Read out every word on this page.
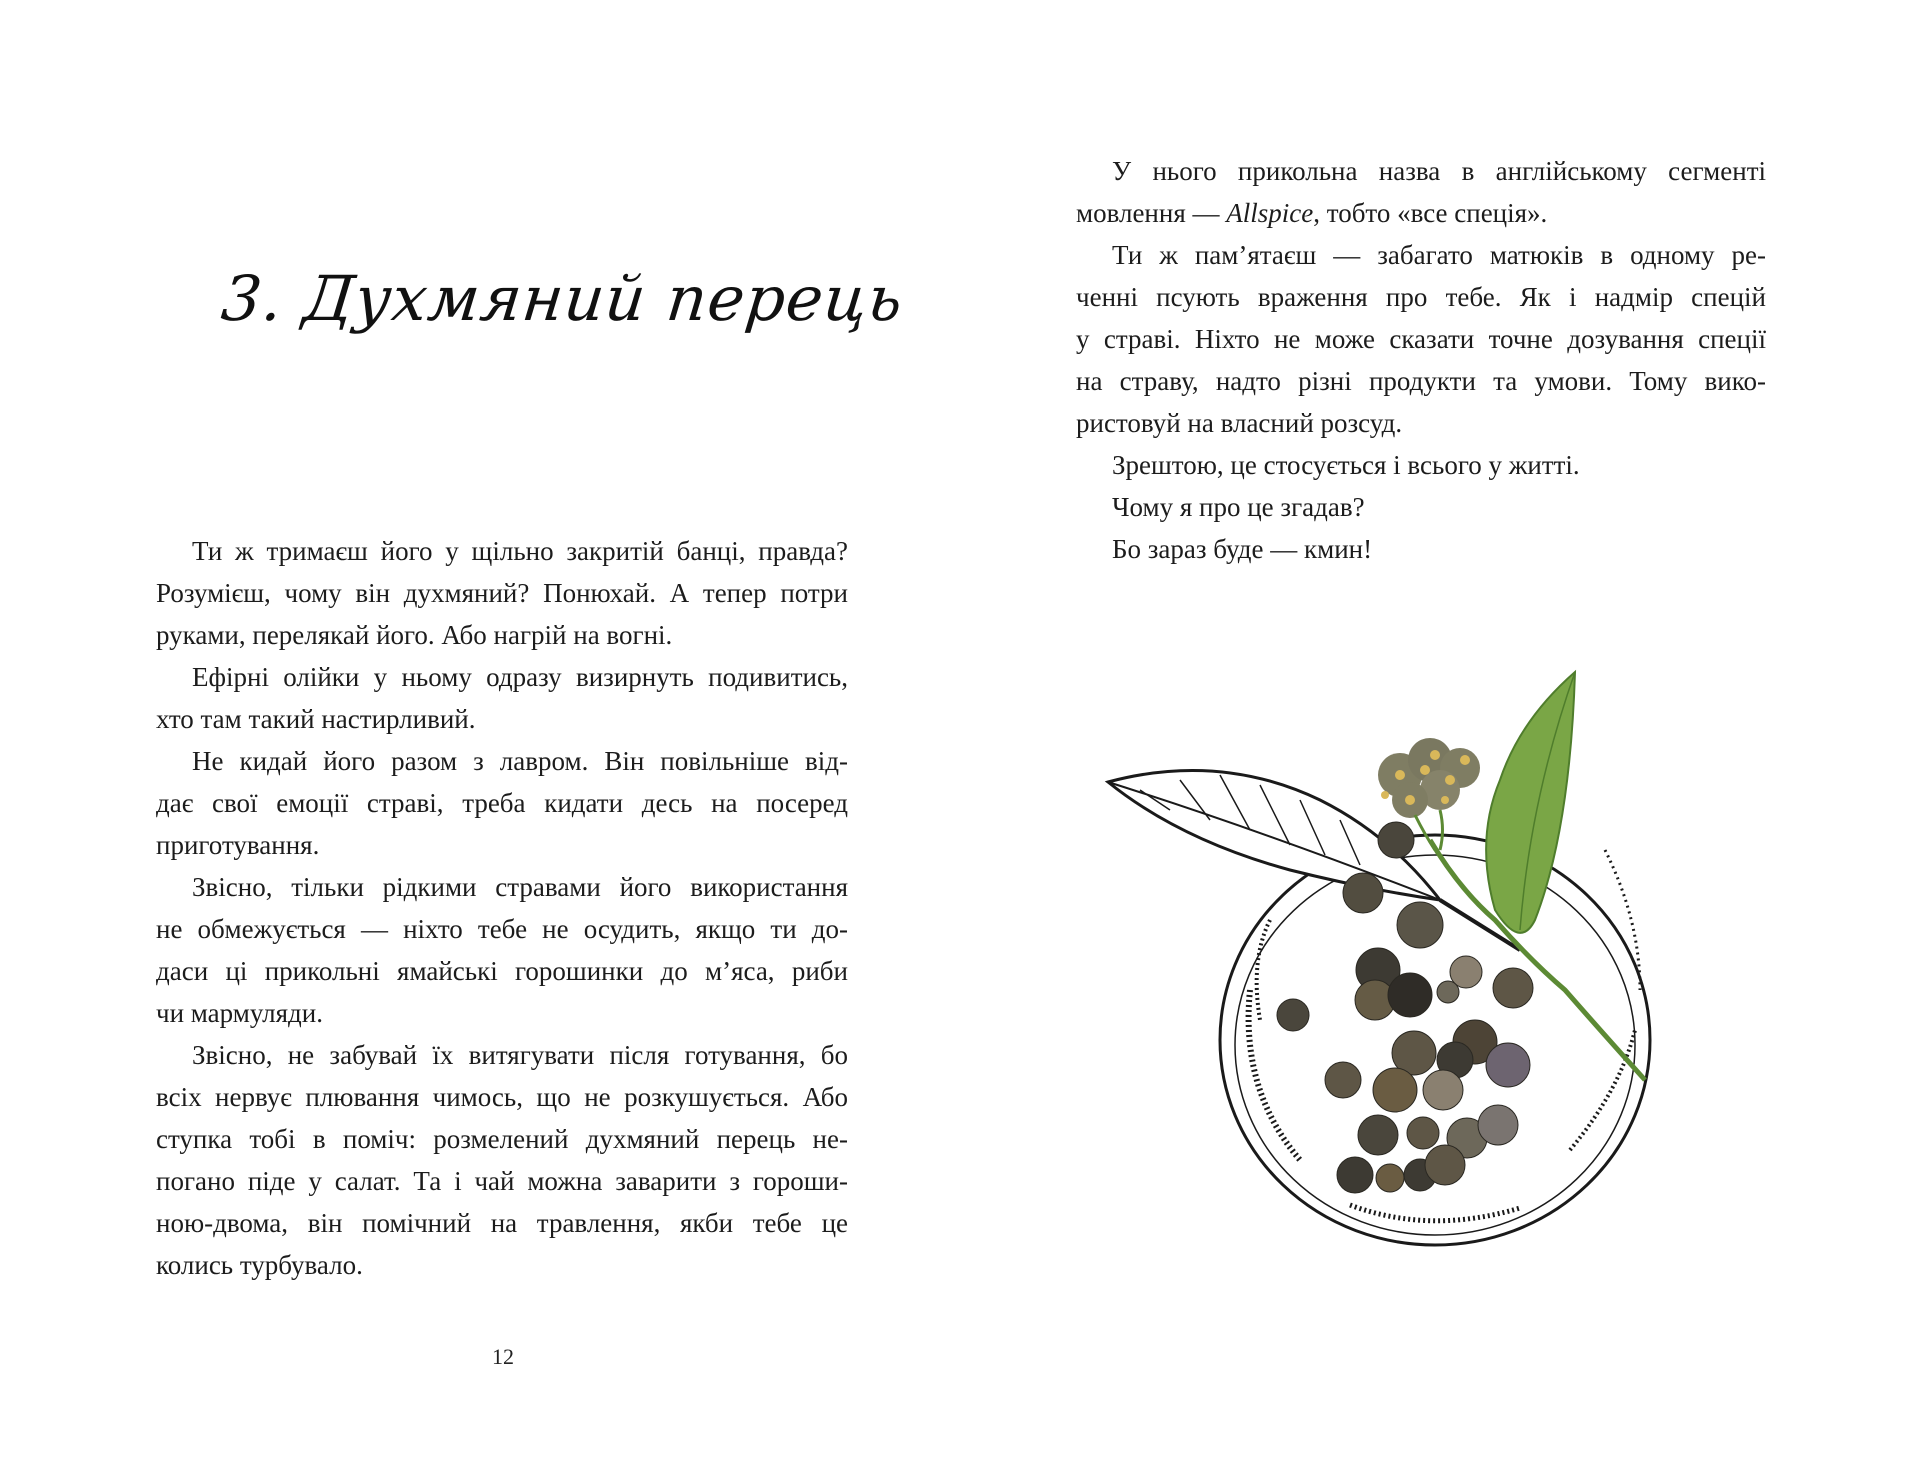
3. Духмяний перець
Ти ж тримаєш його у щільно закритій банці, правда?
Розумієш, чому він духмяний? Понюхай. А тепер потри
руками, перелякай його. Або нагрій на вогні.
Ефірні олійки у ньому одразу визирнуть подивитись,
хто там такий настирливий.
Не кидай його разом з лавром. Він повільніше від-
дає свої емоції страві, треба кидати десь на посеред
приготування.
Звісно, тільки рідкими стравами його використання
не обмежується — ніхто тебе не осудить, якщо ти до-
даси ці прикольні ямайські горошинки до м’яса, риби
чи мармуляди.
Звісно, не забувай їх витягувати після готування, бо
всіх нервує плювання чимось, що не розкушується. Або
ступка тобі в поміч: розмелений духмяний перець не-
погано піде у салат. Та і чай можна заварити з гороши-
ною-двома, він помічний на травлення, якби тебе це
колись турбувало.
12
У нього прикольна назва в англійському сегменті
мовлення — Allspice, тобто «все спеція».
Ти ж пам’ятаєш — забагато матюків в одному ре-
ченні псують враження про тебе. Як і надмір спецій
у страві. Ніхто не може сказати точне дозування спеції
на страву, надто різні продукти та умови. Тому вико-
ристовуй на власний розсуд.
Зрештою, це стосується і всього у житті.
Чому я про це згадав?
Бо зараз буде — кмин!
